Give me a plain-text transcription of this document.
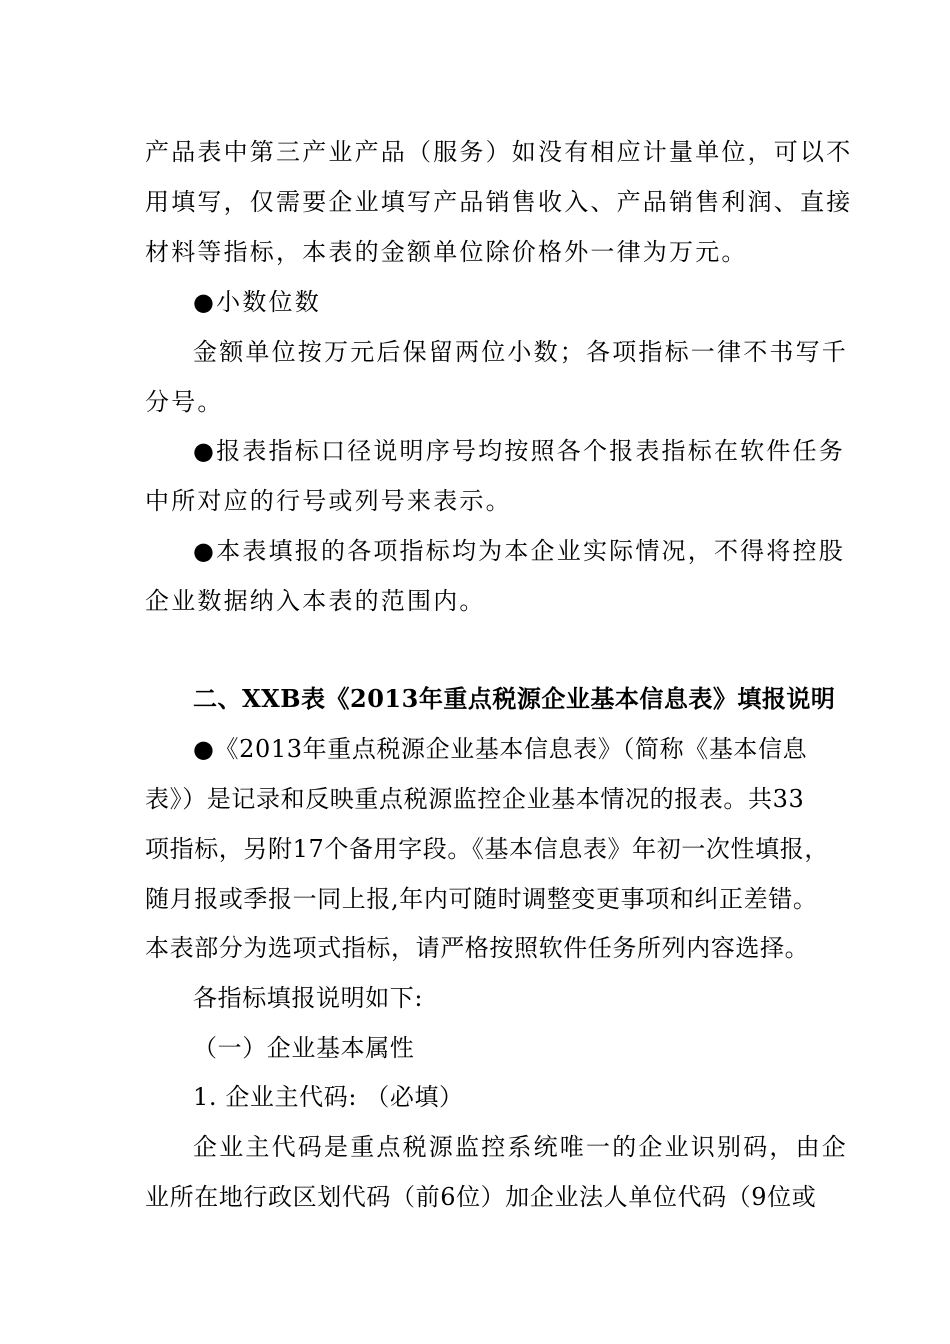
产品表中第三产业产品（服务）如没有相应计量单位，可以不
用填写，仅需要企业填写产品销售收入、产品销售利润、直接
材料等指标，本表的金额单位除价格外一律为万元。
●小数位数
金额单位按万元后保留两位小数；各项指标一律不书写千
分号。
●报表指标口径说明序号均按照各个报表指标在软件任务
中所对应的行号或列号来表示。
●本表填报的各项指标均为本企业实际情况，不得将控股
企业数据纳入本表的范围内。
二、XXB表《2013年重点税源企业基本信息表》填报说明
●《2013年重点税源企业基本信息表》（简称《基本信息
表》）是记录和反映重点税源监控企业基本情况的报表。共33
项指标，另附17个备用字段。《基本信息表》年初一次性填报，
随月报或季报一同上报,年内可随时调整变更事项和纠正差错。
本表部分为选项式指标，请严格按照软件任务所列内容选择。
各指标填报说明如下:
（一）企业基本属性
1. 企业主代码: （必填）
企业主代码是重点税源监控系统唯一的企业识别码，由企
业所在地行政区划代码（前6位）加企业法人单位代码（9位或
